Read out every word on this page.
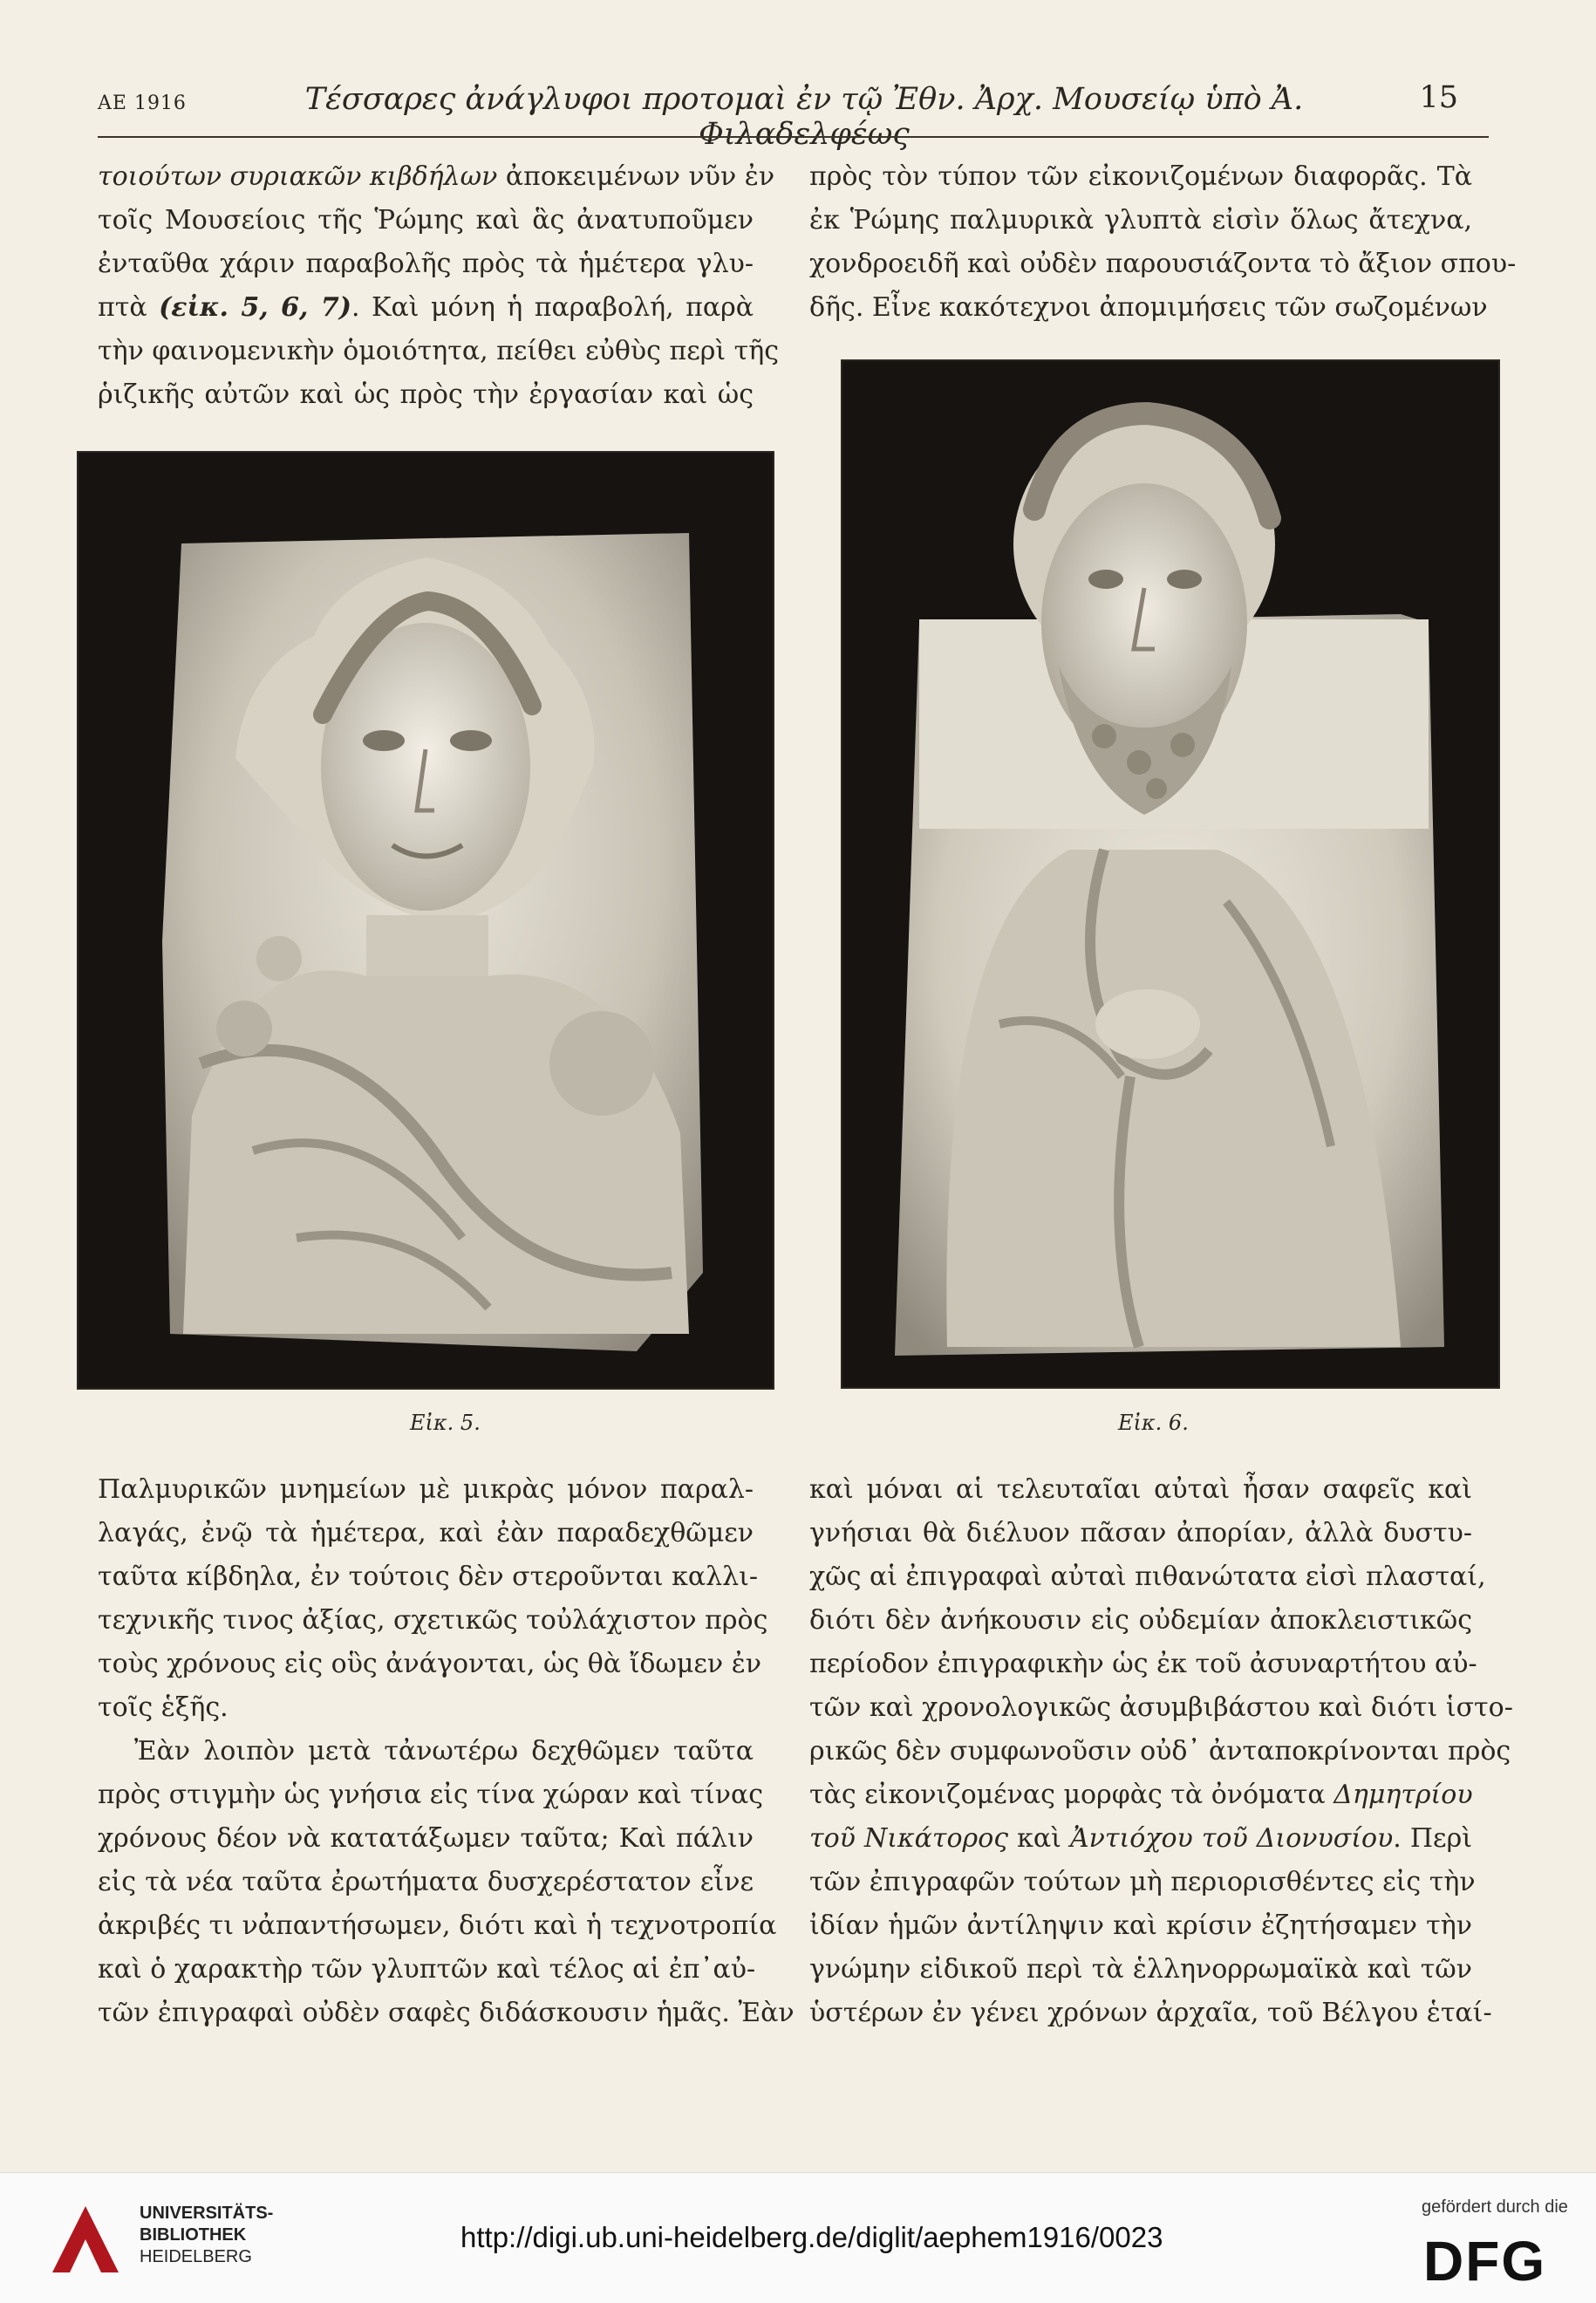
ΑΕ 1916	Τέσσαρες ἀνάγλυφοι προτομαὶ ἐν τῷ Ἐθν. Ἀρχ. Μουσείῳ ὑπὸ Ἀ. Φιλαδελφέως
15
τοιούτων συριακῶν κιβδήλων ἀποκειμένων νῦν ἐν
τοῖς Μουσείοις τῆς Ῥώμης καὶ ἃς ἀνατυποῦμεν
ἐνταῦθα χάριν παραβολῆς πρὸς τὰ ἡμέτερα γλυ-
πτὰ (εἰκ. 5, 6, 7). Καὶ μόνη ἡ παραβολή, παρὰ
τὴν φαινομενικὴν ὁμοιότητα, πείθει εὐθὺς περὶ τῆς
ῥιζικῆς αὐτῶν καὶ ὡς πρὸς τὴν ἐργασίαν καὶ ὡς
πρὸς τὸν τύπον τῶν εἰκονιζομένων διαφορᾶς. Τὰ
ἐκ Ῥώμης παλμυρικὰ γλυπτὰ εἰσὶν ὅλως ἄτεχνα,
χονδροειδῆ καὶ οὐδὲν παρουσιάζοντα τὸ ἄξιον σπου-
δῆς. Εἶνε κακότεχνοι ἀπομιμήσεις τῶν σωζομένων
Εἰκ. 5.	Εἰκ. 6.
Παλμυρικῶν μνημείων μὲ μικρὰς μόνον παραλ-
λαγάς, ἐνῷ τὰ ἡμέτερα, καὶ ἐὰν παραδεχθῶμεν
ταῦτα κίβδηλα, ἐν τούτοις δὲν στεροῦνται καλλι-
τεχνικῆς τινος ἀξίας, σχετικῶς τοὐλάχιστον πρὸς
τοὺς χρόνους εἰς οὓς ἀνάγονται, ὡς θὰ ἴδωμεν ἐν
τοῖς ἑξῆς.
Ἐὰν λοιπὸν μετὰ τἀνωτέρω δεχθῶμεν ταῦτα
πρὸς στιγμὴν ὡς γνήσια εἰς τίνα χώραν καὶ τίνας
χρόνους δέον νὰ κατατάξωμεν ταῦτα; Καὶ πάλιν
εἰς τὰ νέα ταῦτα ἐρωτήματα δυσχερέστατον εἶνε
ἀκριβές τι νἀπαντήσωμεν, διότι καὶ ἡ τεχνοτροπία
καὶ ὁ χαρακτὴρ τῶν γλυπτῶν καὶ τέλος αἱ ἐπ᾽αὐ-
τῶν ἐπιγραφαὶ οὐδὲν σαφὲς διδάσκουσιν ἡμᾶς. Ἐὰν
καὶ μόναι αἱ τελευταῖαι αὐταὶ ἦσαν σαφεῖς καὶ
γνήσιαι θὰ διέλυον πᾶσαν ἀπορίαν, ἀλλὰ δυστυ-
χῶς αἱ ἐπιγραφαὶ αὐταὶ πιθανώτατα εἰσὶ πλασταί,
διότι δὲν ἀνήκουσιν εἰς οὐδεμίαν ἀποκλειστικῶς
περίοδον ἐπιγραφικὴν ὡς ἐκ τοῦ ἀσυναρτήτου αὐ-
τῶν καὶ χρονολογικῶς ἀσυμβιβάστου καὶ διότι ἱστο-
ρικῶς δὲν συμφωνοῦσιν οὐδ᾽ ἀνταποκρίνονται πρὸς
τὰς εἰκονιζομένας μορφὰς τὰ ὀνόματα Δημητρίου
τοῦ Νικάτορος καὶ Ἀντιόχου τοῦ Διονυσίου. Περὶ
τῶν ἐπιγραφῶν τούτων μὴ περιορισθέντες εἰς τὴν
ἰδίαν ἡμῶν ἀντίληψιν καὶ κρίσιν ἐζητήσαμεν τὴν
γνώμην εἰδικοῦ περὶ τὰ ἑλληνορρωμαϊκὰ καὶ τῶν
ὑστέρων ἐν γένει χρόνων ἀρχαῖα, τοῦ Βέλγου ἑταί-
UNIVERSITÄTS-
BIBLIOTHEK
HEIDELBERG
http://digi.ub.uni-heidelberg.de/diglit/aephem1916/0023
gefördert durch die
DFG
